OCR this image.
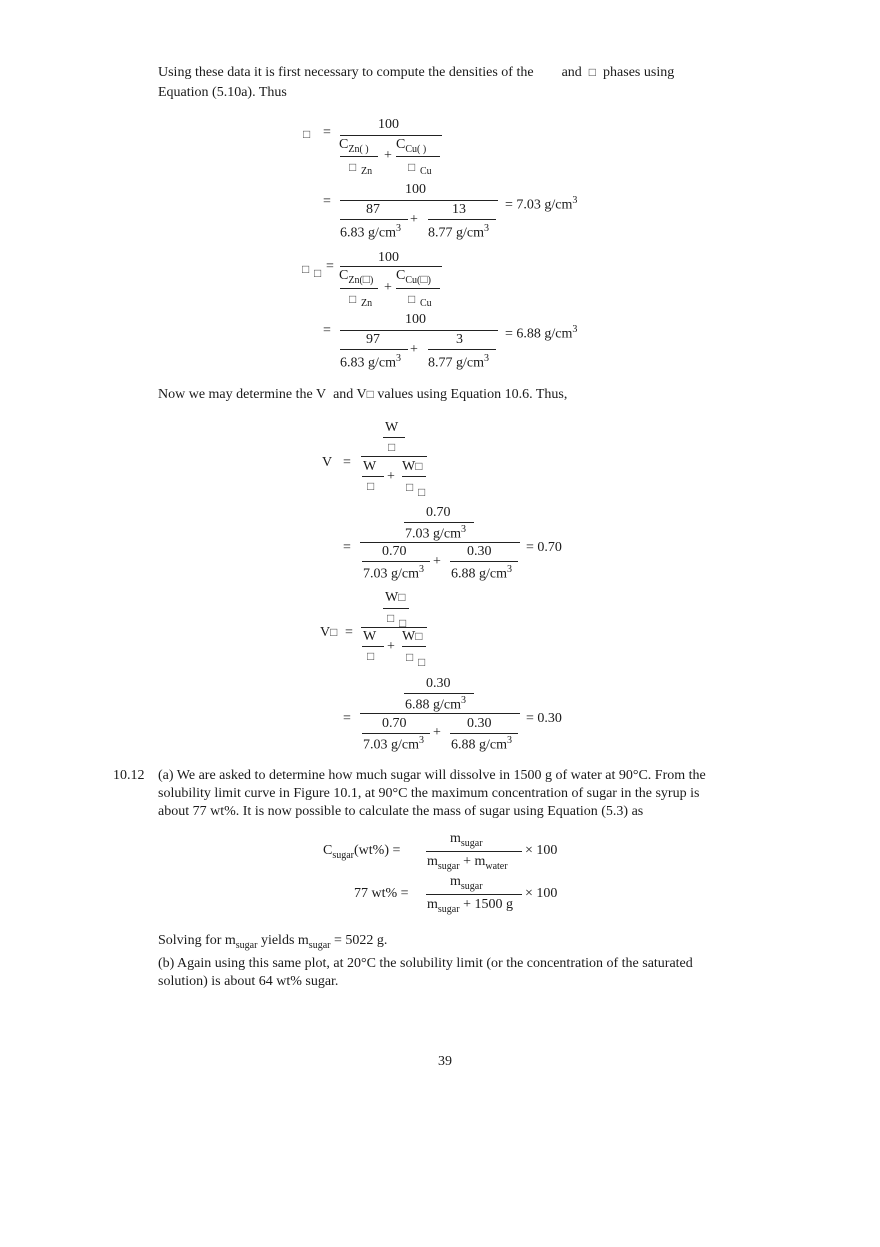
Using these data it is first necessary to compute the densities of the and □ phases using
Equation (5.10a). Thus
□
=
100
$C_{Zn( )}$
□
Zn
+
$C_{Cu( )}$
□
Cu
=
100
87
6.83 $g/cm^3$
+
13
8.77 $g/cm^3$
= 7.03 $g/cm^3$
□
□
=
100
$C_{Zn( □ )}$
□
Zn
+
$C_{Cu( □ )}$
□
Cu
=
100
97
6.83 $g/cm^3$
+
3
8.77 $g/cm^3$
= 6.88 $g/cm^3$
Now we may determine the V and V □ values using Equation 10.6. Thus,
W
□
V = W
□
+
W□
□
□
0.70
7.03 $g/cm^3$
= 0.70
7.03 $g/cm^3$
+
0.30
6.88 $g/cm^3$
= 0.70
W□
□
□
V □	= W
□
+
W□
□
□
0.30
6.88 $g/cm^3$
= 0.70
7.03 $g/cm^3$
+
0.30
6.88 $g/cm^3$
= 0.30
10.12 (a) We are asked to determine how much sugar will dissolve in 1500 g of water at 90°C. From the
solubility limit curve in Figure 10.1, at 90°C the maximum concentration of sugar in the syrup is
about 77 wt%. It is now possible to calculate the mass of sugar using Equation (5.3) as
$C_{sugar}(wt\%)$ =
$m_{sugar}$
$m_{sugar} + m_{water}$
× 100
77 wt% =
$m_{sugar}$
$m_{sugar} + 1500$ g
× 100
Solving for $m_{sugar}$ yields $m_{sugar} = 5022$ g.
(b) Again using this same plot, at 20°C the solubility limit (or the concentration of the saturated
solution) is about 64 wt% sugar.
39
